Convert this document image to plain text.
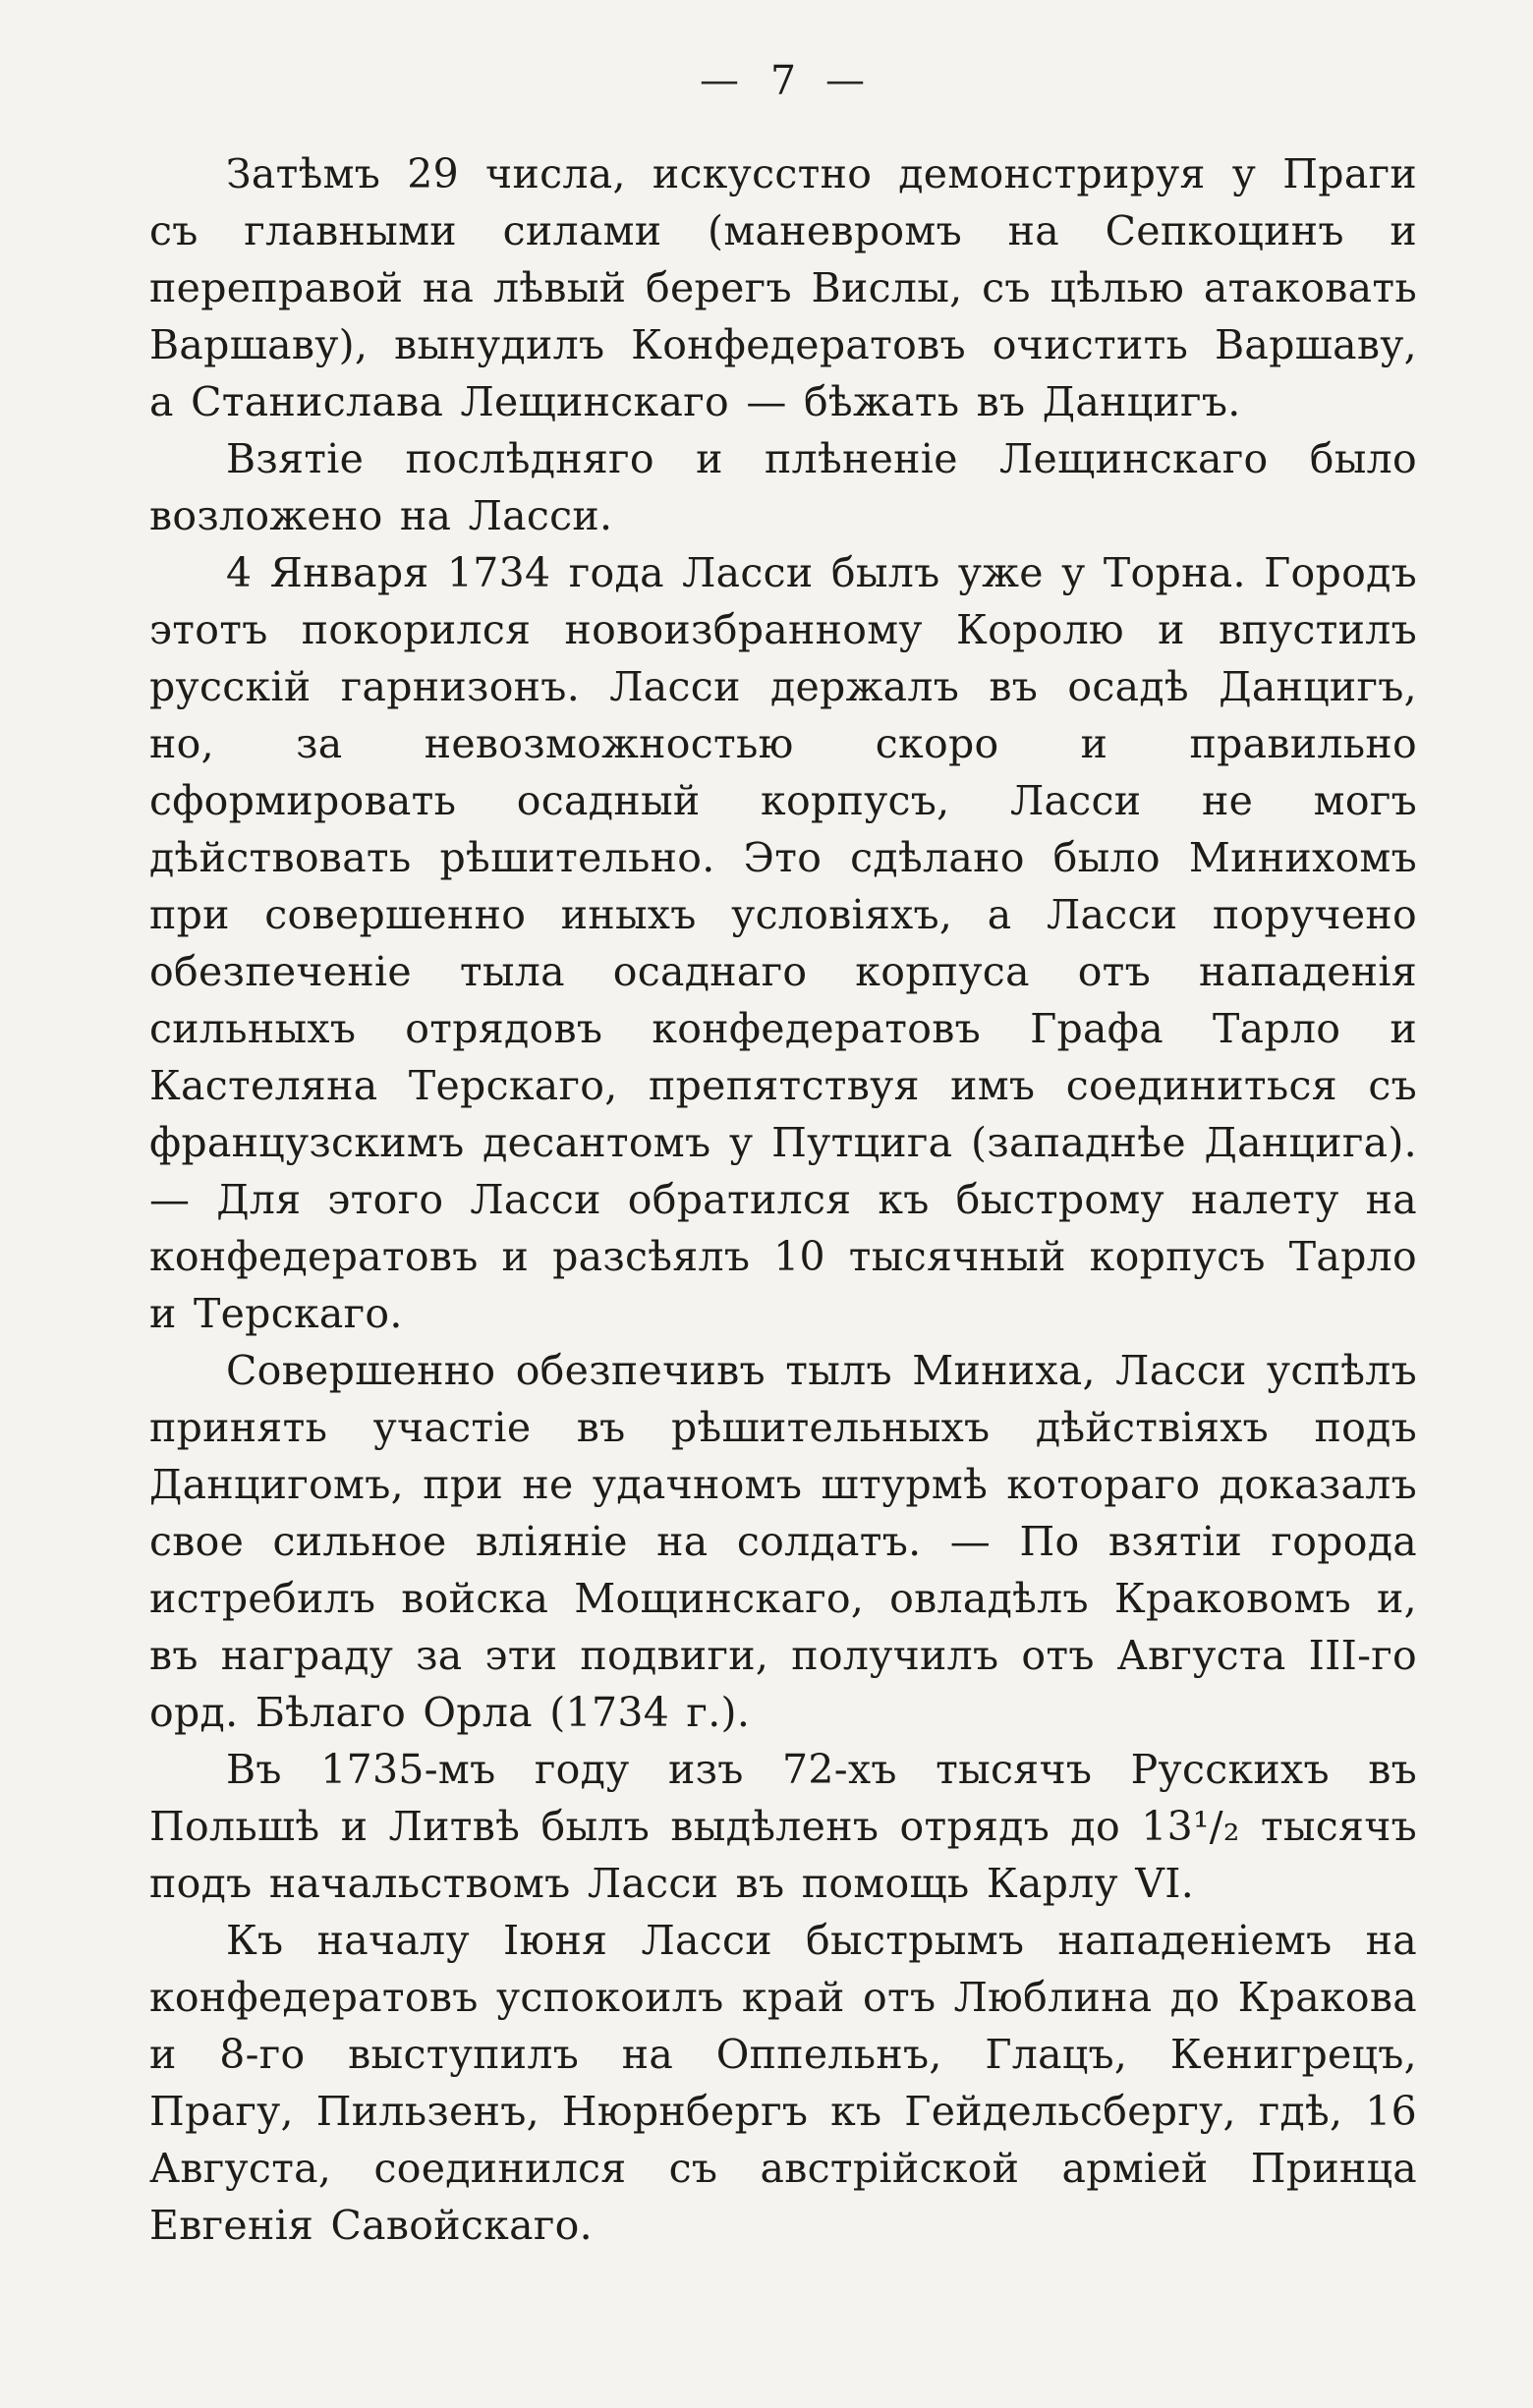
— 7 —

Затѣмъ 29 числа, искусстно демонстрируя у Праги съ главными силами (маневромъ на Сепкоцинъ и переправой на лѣвый берегъ Вислы, съ цѣлью атаковать Варшаву), вынудилъ Конфедератовъ очистить Варшаву, а Станислава Лещинскаго — бѣжать въ Данцигъ.

Взятіе послѣдняго и плѣненіе Лещинскаго было возложено на Ласси.

4 Января 1734 года Ласси былъ уже у Торна. Городъ этотъ покорился новоизбранному Королю и впустилъ русскій гарнизонъ. Ласси держалъ въ осадѣ Данцигъ, но, за невозможностью скоро и правильно сформировать осадный корпусъ, Ласси не могъ дѣйствовать рѣшительно. Это сдѣлано было Минихомъ при совершенно иныхъ условіяхъ, а Ласси поручено обезпеченіе тыла осаднаго корпуса отъ нападенія сильныхъ отрядовъ конфедератовъ Графа Тарло и Кастеляна Терскаго, препятствуя имъ соединиться съ французскимъ десантомъ у Путцига (западнѣе Данцига). — Для этого Ласси обратился къ быстрому налету на конфедератовъ и разсѣялъ 10 тысячный корпусъ Тарло и Терскаго.

Совершенно обезпечивъ тылъ Миниха, Ласси успѣлъ принять участіе въ рѣшительныхъ дѣйствіяхъ подъ Данцигомъ, при не удачномъ штурмѣ котораго доказалъ свое сильное вліяніе на солдатъ. — По взятіи города истребилъ войска Мощинскаго, овладѣлъ Краковомъ и, въ награду за эти подвиги, получилъ отъ Августа III-го орд. Бѣлаго Орла (1734 г.).

Въ 1735-мъ году изъ 72-хъ тысячъ Русскихъ въ Польшѣ и Литвѣ былъ выдѣленъ отрядъ до 13¹/₂ тысячъ подъ начальствомъ Ласси въ помощь Карлу VI.

Къ началу Іюня Ласси быстрымъ нападеніемъ на конфедератовъ успокоилъ край отъ Люблина до Кракова и 8-го выступилъ на Оппельнъ, Глацъ, Кенигрецъ, Прагу, Пильзенъ, Нюрнбергъ къ Гейдельсбергу, гдѣ, 16 Августа, соединился съ австрійской арміей Принца Евгенія Савойскаго.
